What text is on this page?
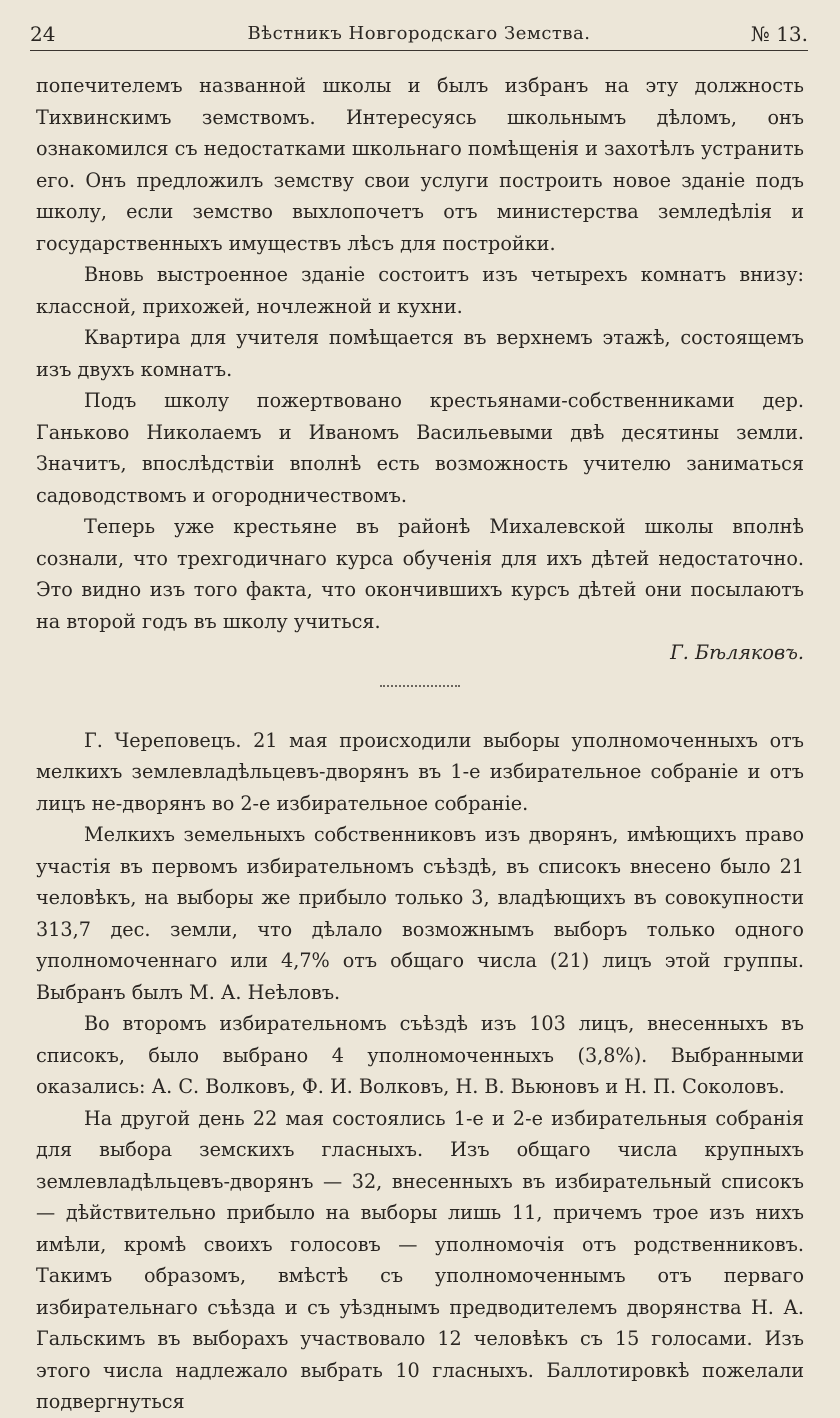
24	Вѣстникъ Новгородскаго Земства.	№ 13.

попечителемъ названной школы и былъ избранъ на эту должность Тихвинскимъ земствомъ. Интересуясь школьнымъ дѣломъ, онъ ознакомился съ недостатками школьнаго помѣщенія и захотѣлъ устранить его. Онъ предложилъ земству свои услуги построить новое зданіе подъ школу, если земство выхлопочетъ отъ министерства земледѣлія и государственныхъ имуществъ лѣсъ для постройки.

Вновь выстроенное зданіе состоитъ изъ четырехъ комнатъ внизу: классной, прихожей, ночлежной и кухни.

Квартира для учителя помѣщается въ верхнемъ этажѣ, состоящемъ изъ двухъ комнатъ.

Подъ школу пожертвовано крестьянами-собственниками дер. Ганьково Николаемъ и Иваномъ Васильевыми двѣ десятины земли. Значитъ, впослѣдствіи вполнѣ есть возможность учителю заниматься садоводствомъ и огородничествомъ.

Теперь уже крестьяне въ районѣ Михалевской школы вполнѣ сознали, что трехгодичнаго курса обученія для ихъ дѣтей недостаточно. Это видно изъ того факта, что окончившихъ курсъ дѣтей они посылаютъ на второй годъ въ школу учиться.

Г. Бѣляковъ.

Г. Череповецъ. 21 мая происходили выборы уполномоченныхъ отъ мелкихъ землевладѣльцевъ-дворянъ въ 1-е избирательное собраніе и отъ лицъ не-дворянъ во 2-е избирательное собраніе.

Мелкихъ земельныхъ собственниковъ изъ дворянъ, имѣющихъ право участія въ первомъ избирательномъ съѣздѣ, въ списокъ внесено было 21 человѣкъ, на выборы же прибыло только 3, владѣющихъ въ совокупности 313,7 дес. земли, что дѣлало возможнымъ выборъ только одного уполномоченнаго или 4,7% отъ общаго числа (21) лицъ этой группы. Выбранъ былъ М. А. Неѣловъ.

Во второмъ избирательномъ съѣздѣ изъ 103 лицъ, внесенныхъ въ списокъ, было выбрано 4 уполномоченныхъ (3,8%). Выбранными оказались: А. С. Волковъ, Ф. И. Волковъ, Н. В. Вьюновъ и Н. П. Соколовъ.

На другой день 22 мая состоялись 1-е и 2-е избирательныя собранія для выбора земскихъ гласныхъ. Изъ общаго числа крупныхъ землевладѣльцевъ-дворянъ — 32, внесенныхъ въ избирательный списокъ — дѣйствительно прибыло на выборы лишь 11, причемъ трое изъ нихъ имѣли, кромѣ своихъ голосовъ — уполномочія отъ родственниковъ. Такимъ образомъ, вмѣстѣ съ уполномоченнымъ отъ перваго избирательнаго съѣзда и съ уѣзднымъ предводителемъ дворянства Н. А. Гальскимъ въ выборахъ участвовало 12 человѣкъ съ 15 голосами. Изъ этого числа надлежало выбрать 10 гласныхъ. Баллотировкѣ пожелали подвергнуться
